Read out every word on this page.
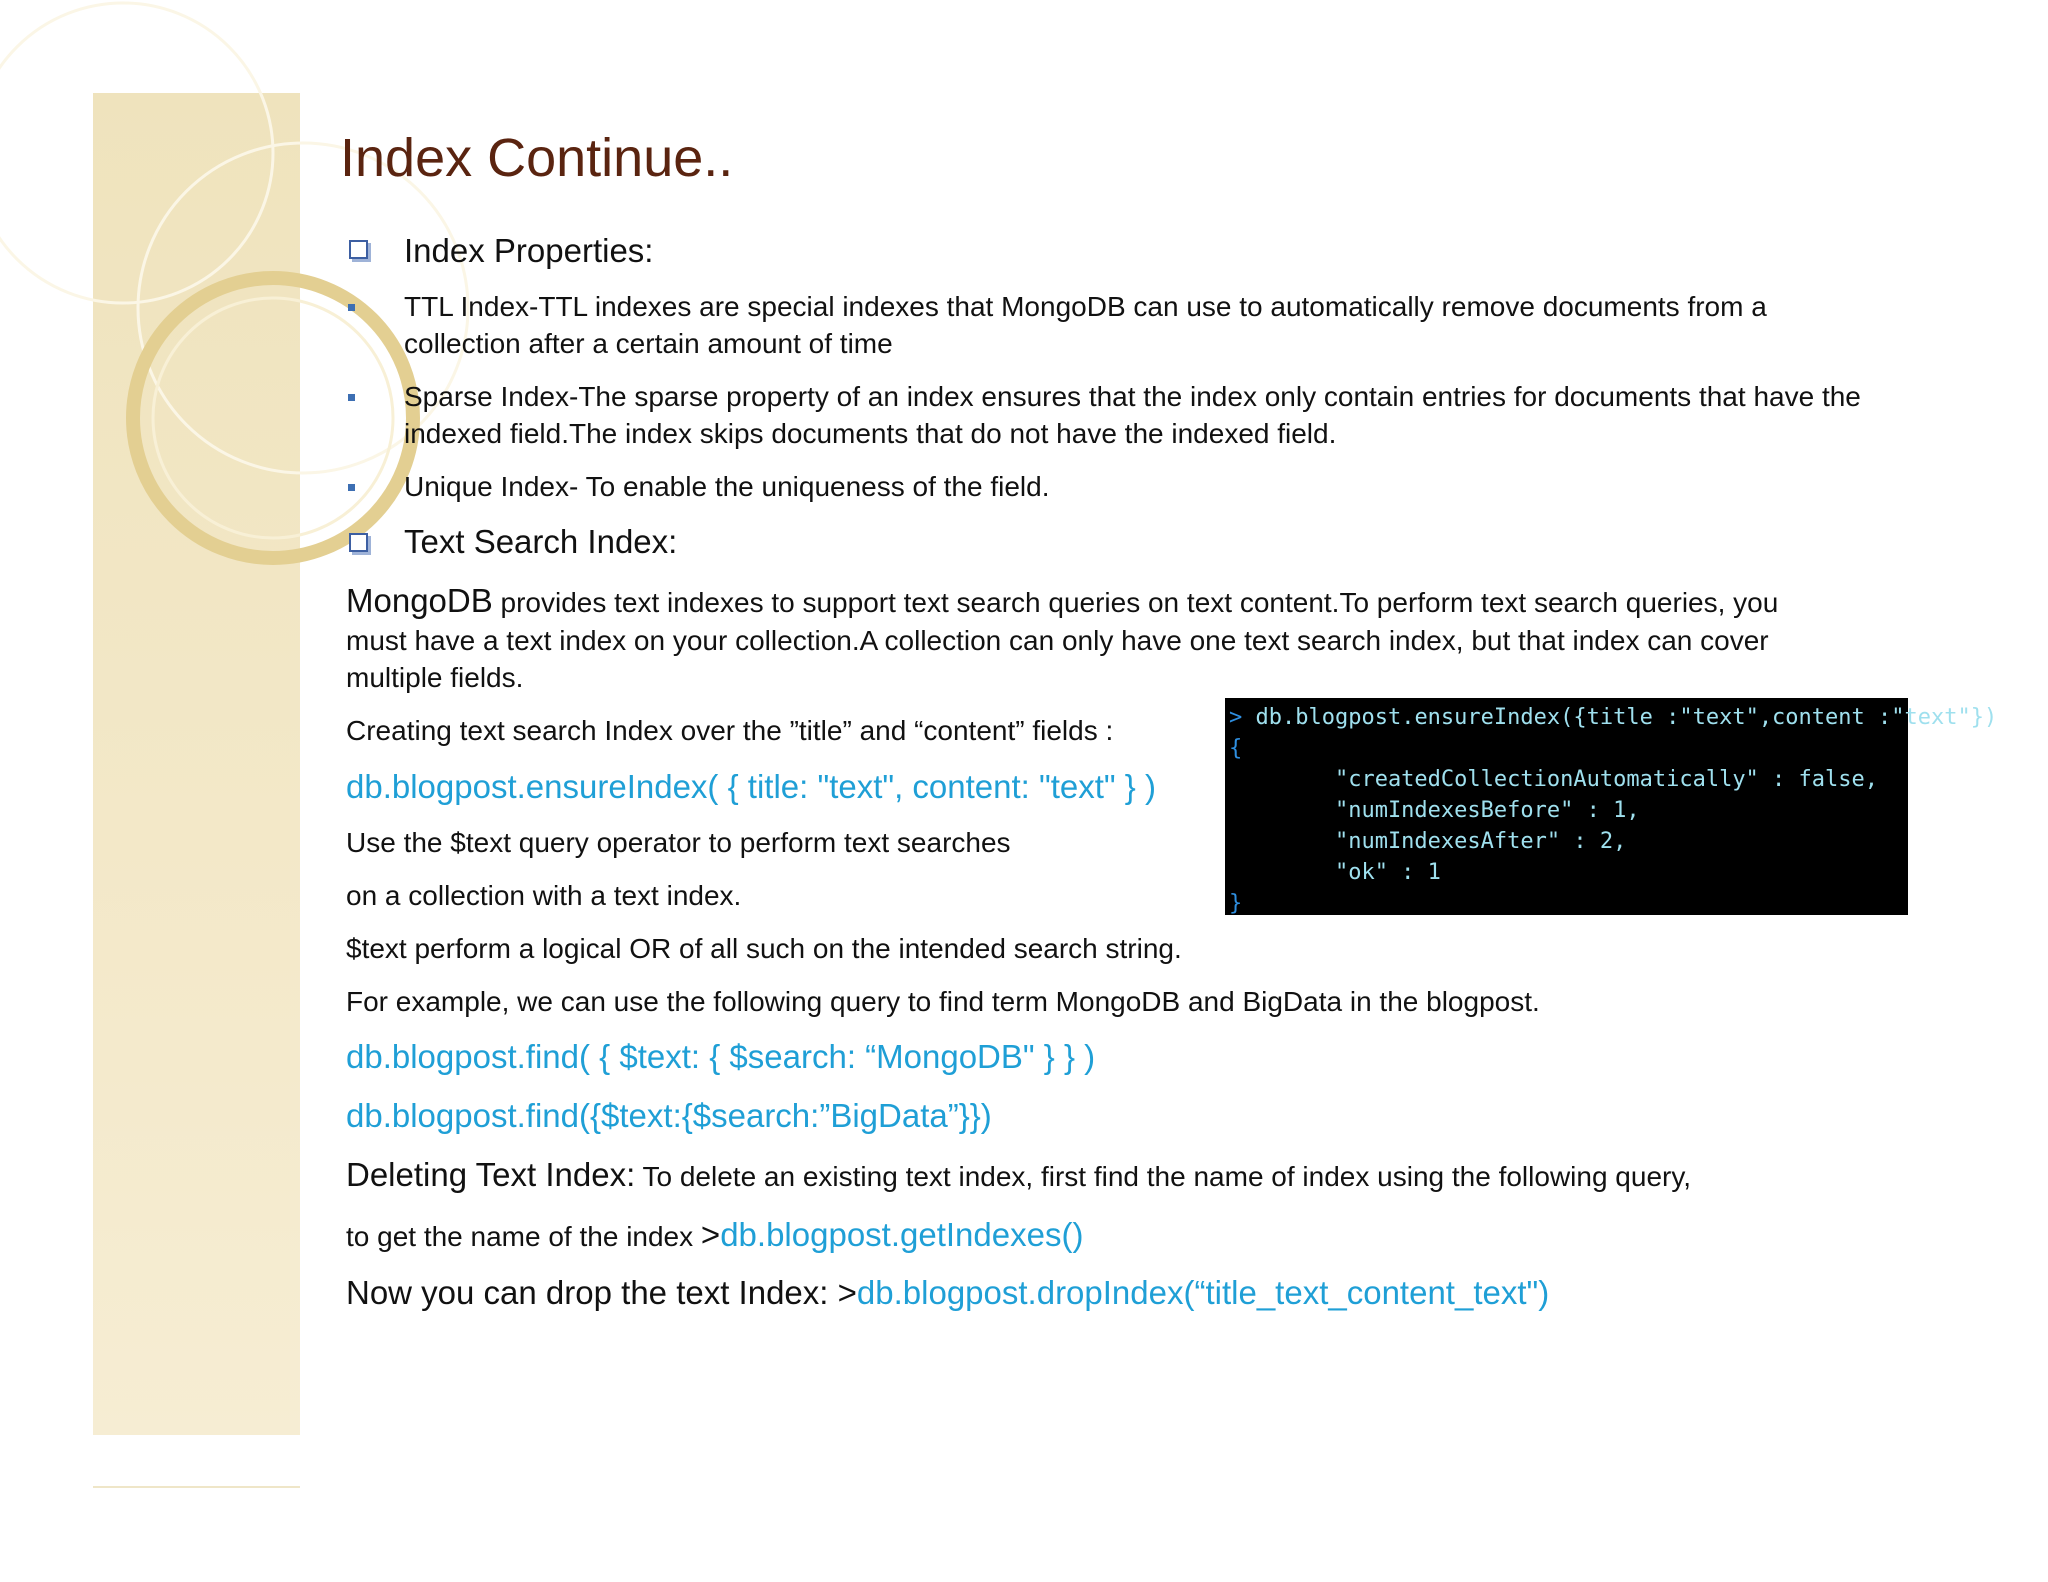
Index Continue..
Index Properties:
TTL Index-TTL indexes are special indexes that MongoDB can use to automatically remove documents from a
collection after a certain amount of time
Sparse Index-The sparse property of an index ensures that the index only contain entries for documents that have the
indexed field.The index skips documents that do not have the indexed field.
Unique Index- To enable the uniqueness of the field.
Text Search Index:
MongoDB provides text indexes to support text search queries on text content.To perform text search queries, you
must have a text index on your collection.A collection can only have one text search index, but that index can cover
multiple fields.
Creating text search Index over the ”title” and “content” fields :
db.blogpost.ensureIndex( { title: "text", content: "text" } )
Use the $text query operator to perform text searches
on a collection with a text index.
$text perform a logical OR of all such on the intended search string.
For example, we can use the following query to find term MongoDB and BigData in the blogpost.
db.blogpost.find( { $text: { $search: “MongoDB" } } )
db.blogpost.find({$text:{$search:”BigData”}})
Deleting Text Index: To delete an existing text index, first find the name of index using the following query,
to get the name of the index >db.blogpost.getIndexes()
Now you can drop the text Index: >db.blogpost.dropIndex(“title_text_content_text")
> db.blogpost.ensureIndex({title :"text",content :"text"})
{
"createdCollectionAutomatically" : false,
"numIndexesBefore" : 1,
"numIndexesAfter" : 2,
"ok" : 1
}
